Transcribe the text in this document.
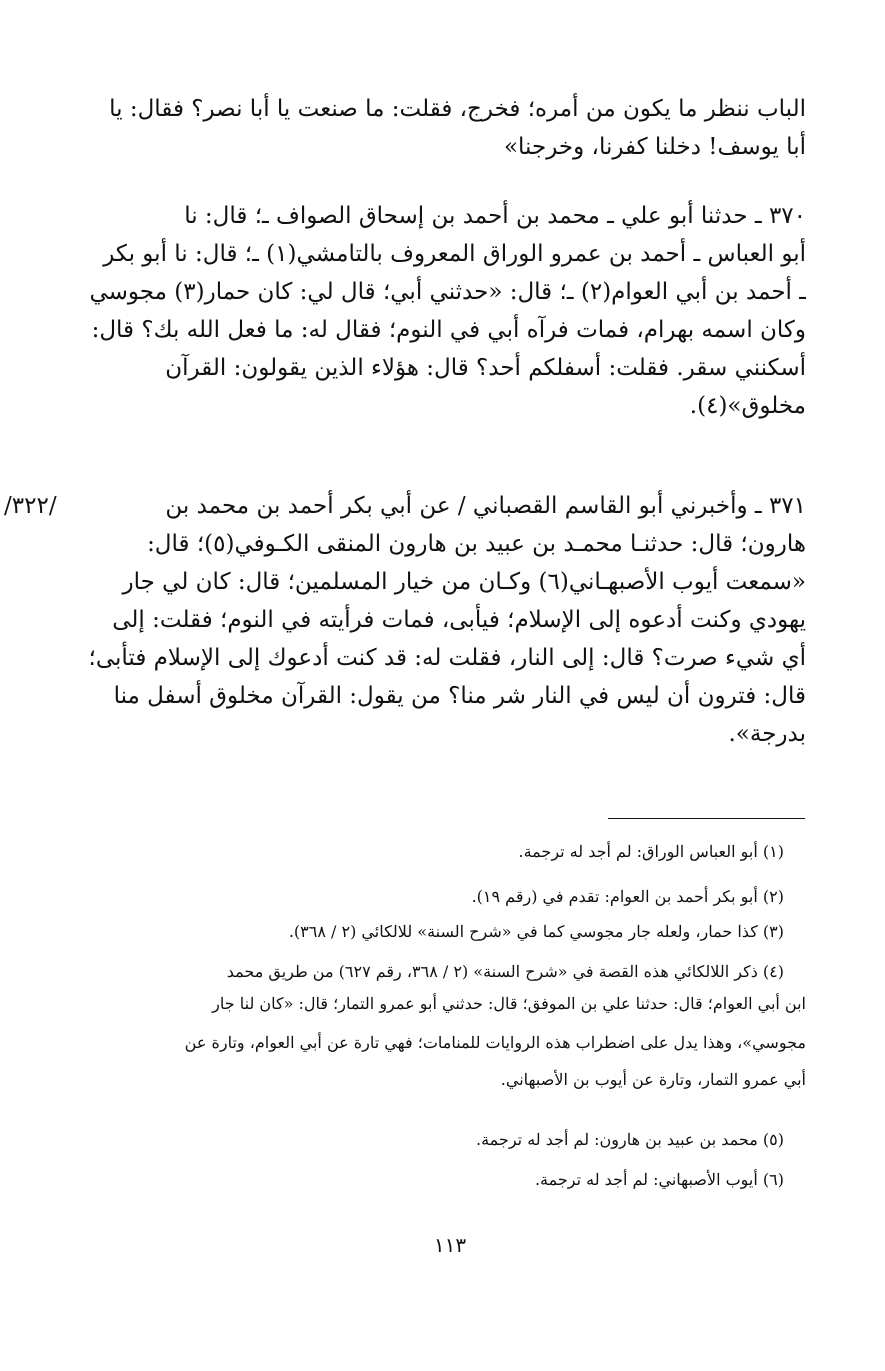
الباب ننظر ما يكون من أمره؛ فخرج، فقلت: ما صنعت يا أبا نصر؟ فقال: يا
أبا يوسف! دخلنا كفرنا، وخرجنا»
٣٧٠ ـ حدثنا أبو علي ـ محمد بن أحمد بن إسحاق الصواف ـ؛ قال: نا
أبو العباس ـ أحمد بن عمرو الوراق المعروف بالتامشي(١) ـ؛ قال: نا أبو بكر
ـ أحمد بن أبي العوام(٢) ـ؛ قال: «حدثني أبي؛ قال لي: كان حمار(٣) مجوسي
وكان اسمه بهرام، فمات فرآه أبي في النوم؛ فقال له: ما فعل الله بك؟ قال:
أسكنني سقر. فقلت: أسفلكم أحد؟ قال: هؤلاء الذين يقولون: القرآن
مخلوق»(٤).
/٣٢٢/	٣٧١ ـ وأخبرني أبو القاسم القصباني / عن أبي بكر أحمد بن محمد بن
هارون؛ قال: حدثنـا محمـد بن عبيد بن هارون المنقى الكـوفي(٥)؛ قال:
«سمعت أيوب الأصبهـاني(٦) وكـان من خيار المسلمين؛ قال: كان لي جار
يهودي وكنت أدعوه إلى الإسلام؛ فيأبى، فمات فرأيته في النوم؛ فقلت: إلى
أي شيء صرت؟ قال: إلى النار، فقلت له: قد كنت أدعوك إلى الإسلام فتأبى؛
قال: فترون أن ليس في النار شر منا؟ من يقول: القرآن مخلوق أسفل منا
بدرجة».
(١) أبو العباس الوراق: لم أجد له ترجمة.
(٢) أبو بكر أحمد بن العوام: تقدم في (رقم ١٩).
(٣) كذا حمار، ولعله جار مجوسي كما في «شرح السنة» للالكائي (٢ / ٣٦٨).
(٤) ذكر اللالكائي هذه القصة في «شرح السنة» (٢ / ٣٦٨، رقم ٦٢٧) من طريق محمد
ابن أبي العوام؛ قال: حدثنا علي بن الموفق؛ قال: حدثني أبو عمرو التمار؛ قال: «كان لنا جار
مجوسي»، وهذا يدل على اضطراب هذه الروايات للمنامات؛ فهي تارة عن أبي العوام، وتارة عن
أبي عمرو التمار، وتارة عن أيوب بن الأصبهاني.
(٥) محمد بن عبيد بن هارون: لم أجد له ترجمة.
(٦) أيوب الأصبهاني: لم أجد له ترجمة.
١١٣
